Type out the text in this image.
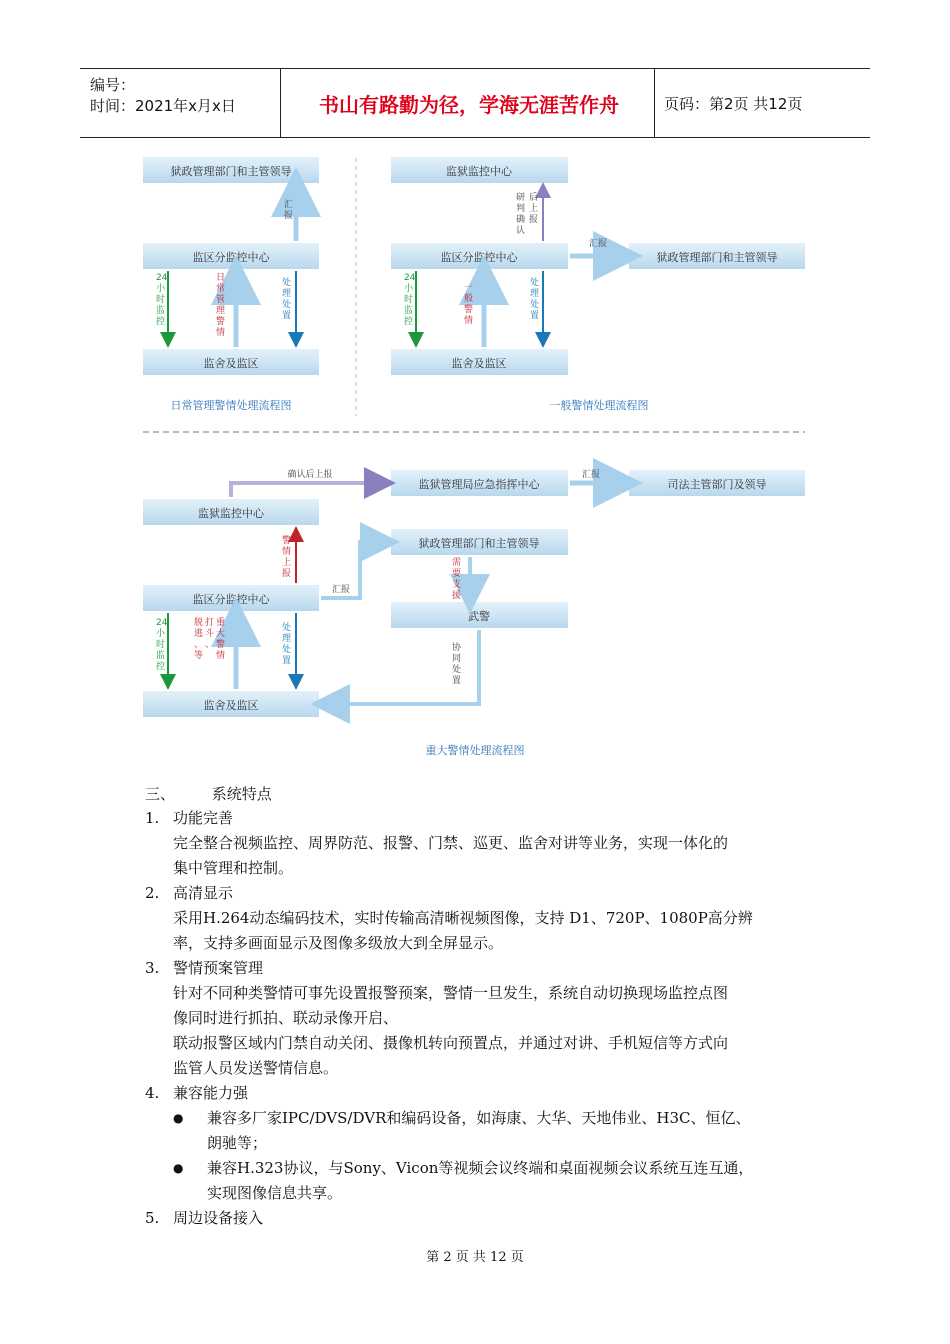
编号：
时间：2021年x月x日	书山有路勤为径，学海无涯苦作舟	页码：第2页 共12页
狱政管理部门和主管领导
监区分监控中心
监舍及监区
汇报
24 小时监控
日常管理警情
处理处置
日常管理警情处理流程图
监狱监控中心
监区分监控中心	狱政管理部门和主管领导
监舍及监区
研判确认
后上报
汇报
24 小时监控
一般警情
处理处置
一般警情处理流程图
监狱管理局应急指挥中心	司法主管部门及领导
监狱监控中心
狱政管理部门和主管领导
监区分监控中心
武警
监舍及监区
确认后上报	汇报
警情上报
汇报
需要支援
协同处置
24 小时监控
重大警情
打斗、
脱逃、等
处理处置
重大警情处理流程图
三、 系统特点
1. 功能完善
完全整合视频监控、周界防范、报警、门禁、巡更、监舍对讲等业务，实现一体化的
集中管理和控制。
2. 高清显示
采用H.264动态编码技术，实时传输高清晰视频图像，支持 D1、720P、1080P高分辨
率，支持多画面显示及图像多级放大到全屏显示。
3. 警情预案管理
针对不同种类警情可事先设置报警预案，警情一旦发生，系统自动切换现场监控点图
像同时进行抓拍、联动录像开启、
联动报警区域内门禁自动关闭、摄像机转向预置点，并通过对讲、手机短信等方式向
监管人员发送警情信息。
4. 兼容能力强
● 兼容多厂家IPC/DVS/DVR和编码设备，如海康、大华、天地伟业、H3C、恒亿、
朗驰等；
● 兼容H.323协议，与Sony、Vicon等视频会议终端和桌面视频会议系统互连互通，
实现图像信息共享。
5. 周边设备接入
第 2 页 共 12 页
